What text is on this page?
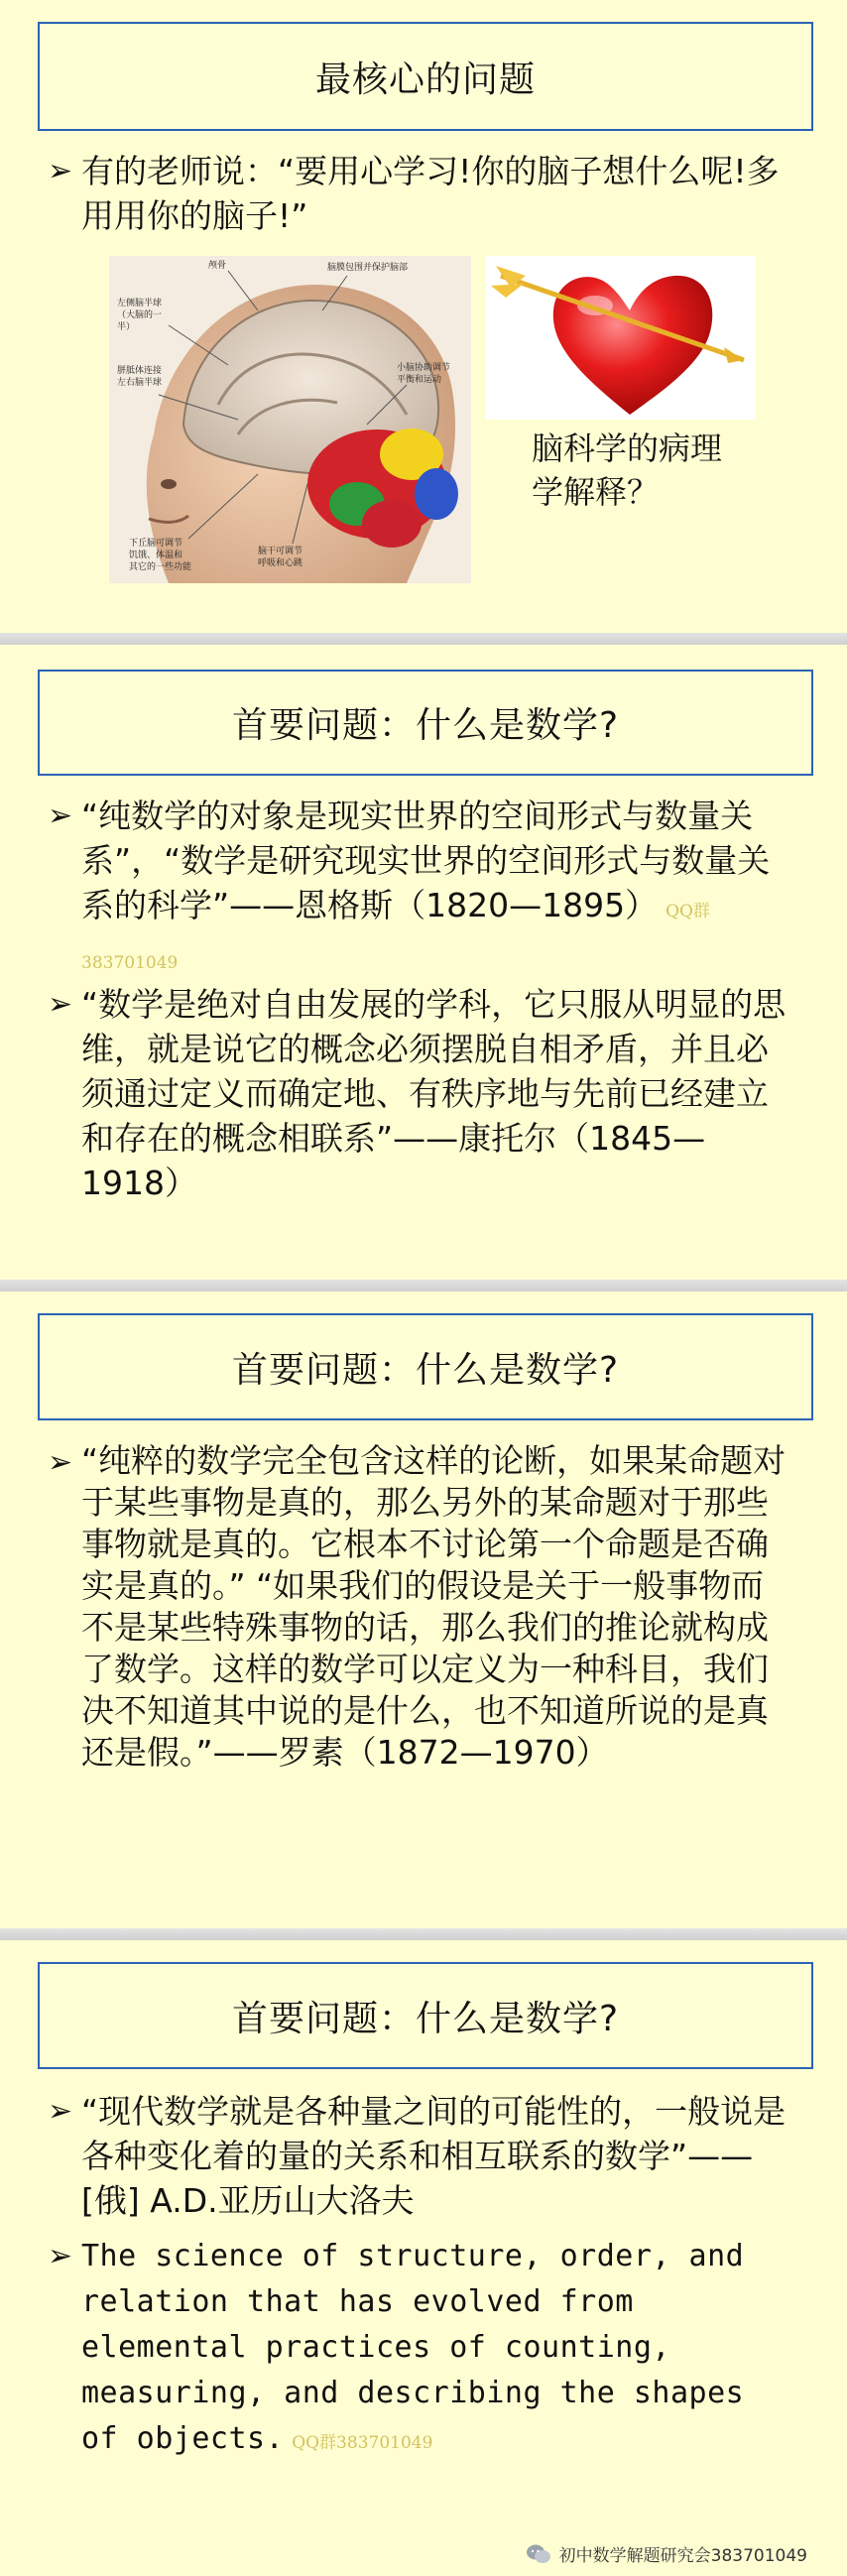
最核心的问题
➢ 有的老师说：“要用心学习!你的脑子想什么呢!多用用你的脑子!”
颅骨	脑膜包围并保护脑部
左侧脑半球
（大脑的一
半）
胼胝体连接
左右脑半球
小脑协助调节
平衡和运动
下丘脑可调节
饥饿、体温和
其它的一些功能
脑干可调节
呼吸和心跳
脑科学的病理学解释？
首要问题：什么是数学?
➢ “纯数学的对象是现实世界的空间形式与数量关系”，“数学是研究现实世界的空间形式与数量关系的科学”——恩格斯（1820—1895） QQ群383701049
➢ “数学是绝对自由发展的学科，它只服从明显的思维，就是说它的概念必须摆脱自相矛盾，并且必须通过定义而确定地、有秩序地与先前已经建立和存在的概念相联系”——康托尔（1845—1918）
首要问题：什么是数学?
➢ “纯粹的数学完全包含这样的论断，如果某命题对于某些事物是真的，那么另外的某命题对于那些事物就是真的。它根本不讨论第一个命题是否确实是真的。” “如果我们的假设是关于一般事物而不是某些特殊事物的话，那么我们的推论就构成了数学。这样的数学可以定义为一种科目，我们决不知道其中说的是什么，也不知道所说的是真还是假。”——罗素（1872—1970）
首要问题：什么是数学?
➢ “现代数学就是各种量之间的可能性的，一般说是各种变化着的量的关系和相互联系的数学”——[俄] A.D.亚历山大洛夫
➢ The science of structure, order, and relation that has evolved from elemental practices of counting, measuring, and describing the shapes of objects. QQ群383701049
初中数学解题研究会383701049
